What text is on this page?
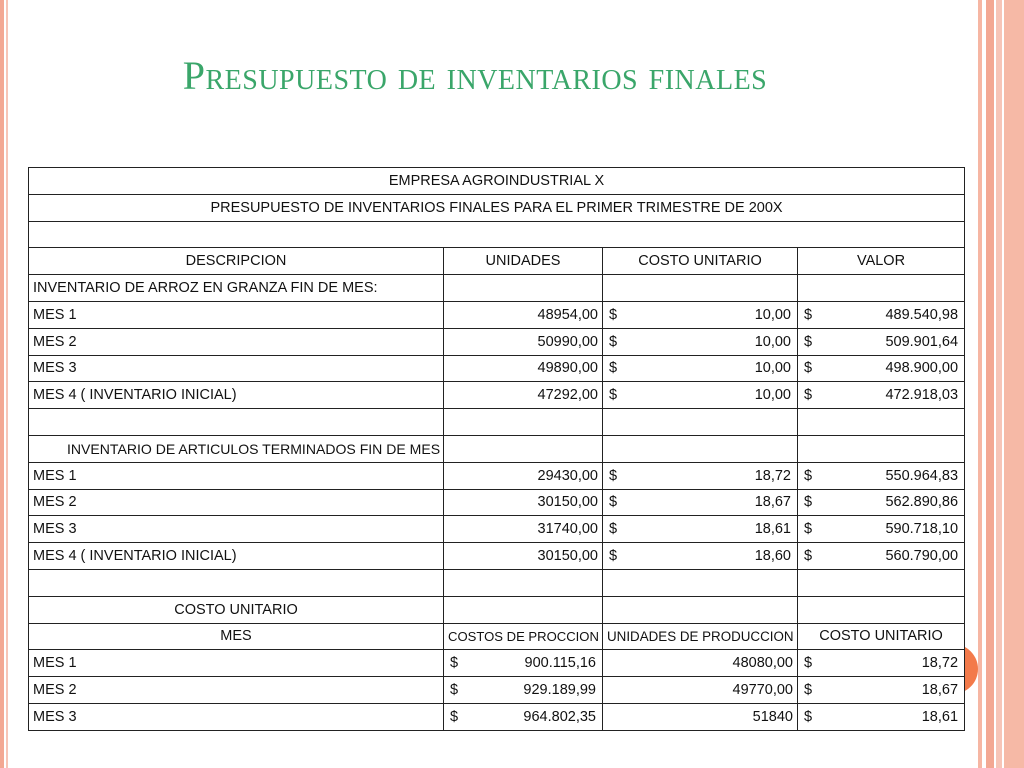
Presupuesto de inventarios finales
EMPRESA AGROINDUSTRIAL X			
PRESUPUESTO DE INVENTARIOS FINALES PARA EL PRIMER TRIMESTRE DE 200X			

DESCRIPCION	UNIDADES	COSTO UNITARIO	VALOR
INVENTARIO DE ARROZ EN GRANZA FIN DE MES:			
MES 1	48954,00	$ 10,00	$ 489.540,98

MES 2	50990,00	$ 10,00	$ 509.901,64

MES 3	49890,00	$ 10,00	$ 498.900,00

MES 4 ( INVENTARIO INICIAL)	47292,00	$ 10,00	$ 472.918,03

INVENTARIO DE ARTICULOS TERMINADOS FIN DE MES			
MES 1	29430,00	$ 18,72	$ 550.964,83

MES 2	30150,00	$ 18,67	$ 562.890,86

MES 3	31740,00	$ 18,61	$ 590.718,10

MES 4 ( INVENTARIO INICIAL)	30150,00	$ 18,60	$ 560.790,00

COSTO UNITARIO			
MES	COSTOS DE PROCCION	UNIDADES DE PRODUCCION	COSTO UNITARIO
MES 1	$ 900.115,16	48080,00	$ 18,72

MES 2	$ 929.189,99	49770,00	$ 18,67

MES 3	$ 964.802,35	51840	$ 18,61
